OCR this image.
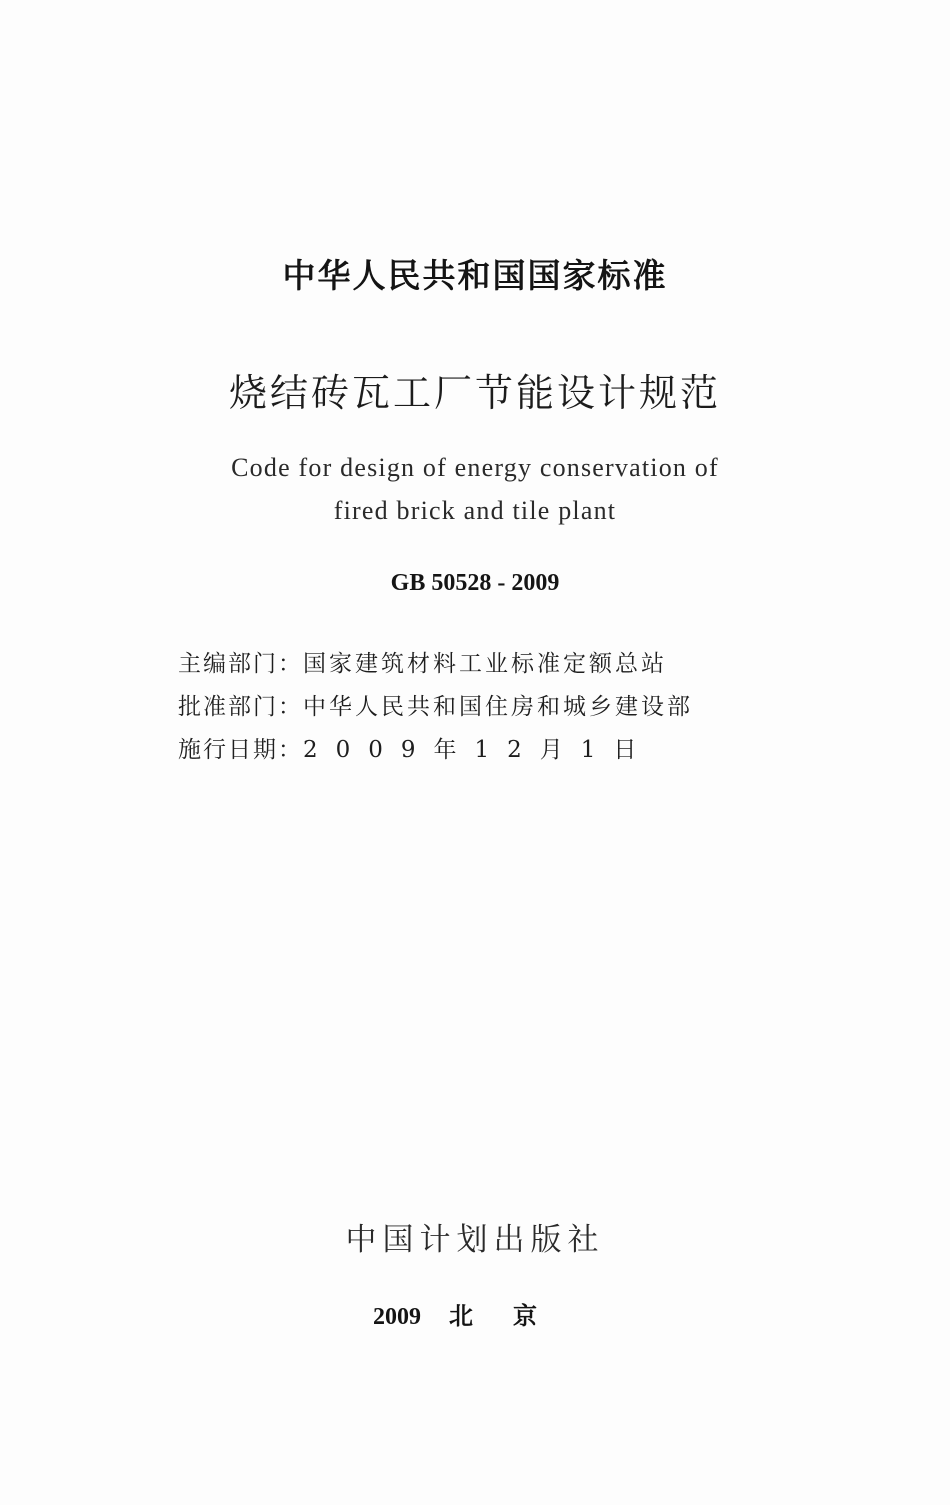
中华人民共和国国家标准
烧结砖瓦工厂节能设计规范
Code for design of energy conservation of
fired brick and tile plant
GB 50528 - 2009
主编部门：国家建筑材料工业标准定额总站
批准部门：中华人民共和国住房和城乡建设部
施行日期：2009年12月1日
中国计划出版社
2009 北京
